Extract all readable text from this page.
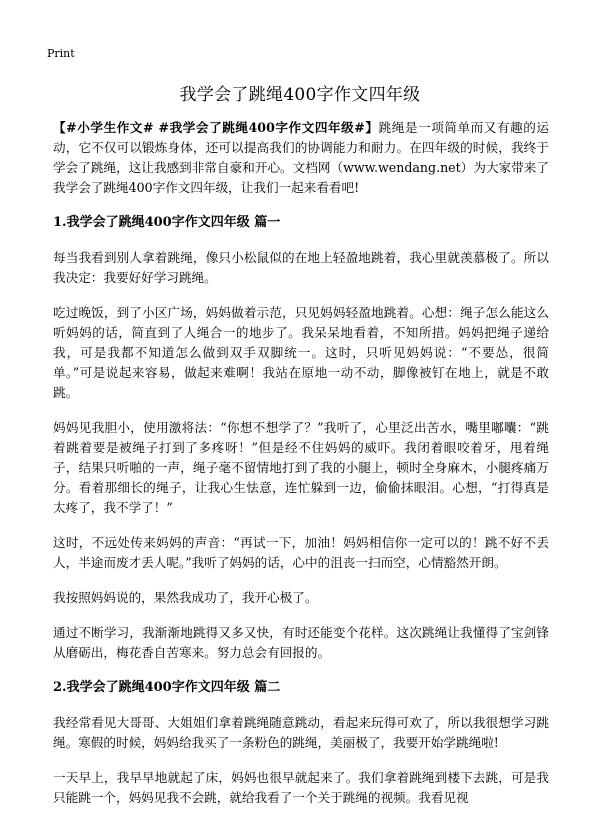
Print
我学会了跳绳400字作文四年级

【#小学生作文# #我学会了跳绳400字作文四年级#】跳绳是一项简单而又有趣的运动，它不仅可以锻炼身体，还可以提高我们的协调能力和耐力。在四年级的时候，我终于学会了跳绳，这让我感到非常自豪和开心。文档网（www.wendang.net）为大家带来了我学会了跳绳400字作文四年级，让我们一起来看看吧!

1.我学会了跳绳400字作文四年级 篇一

每当我看到别人拿着跳绳，像只小松鼠似的在地上轻盈地跳着，我心里就羡慕极了。所以我决定：我要好好学习跳绳。

吃过晚饭，到了小区广场，妈妈做着示范，只见妈妈轻盈地跳着。心想：绳子怎么能这么听妈妈的话，简直到了人绳合一的地步了。我呆呆地看着，不知所措。妈妈把绳子递给我，可是我都不知道怎么做到双手双脚统一。这时，只听见妈妈说：“不要怂，很简单。”可是说起来容易，做起来难啊！我站在原地一动不动，脚像被钉在地上，就是不敢跳。

妈妈见我胆小，使用激将法：“你想不想学了？”我听了，心里泛出苦水，嘴里嘟囔：“跳着跳着要是被绳子打到了多疼呀！”但是经不住妈妈的威吓。我闭着眼咬着牙，甩着绳子，结果只听啪的一声，绳子毫不留情地打到了我的小腿上，顿时全身麻木，小腿疼痛万分。看着那细长的绳子，让我心生怯意，连忙躲到一边，偷偷抹眼泪。心想，“打得真是太疼了，我不学了！”

这时，不远处传来妈妈的声音：“再试一下，加油！妈妈相信你一定可以的！跳不好不丢人，半途而废才丢人呢。”我听了妈妈的话，心中的沮丧一扫而空，心情豁然开朗。

我按照妈妈说的，果然我成功了，我开心极了。

通过不断学习，我渐渐地跳得又多又快，有时还能变个花样。这次跳绳让我懂得了宝剑锋从磨砺出，梅花香自苦寒来。努力总会有回报的。

2.我学会了跳绳400字作文四年级 篇二

我经常看见大哥哥、大姐姐们拿着跳绳随意跳动，看起来玩得可欢了，所以我很想学习跳绳。寒假的时候，妈妈给我买了一条粉色的跳绳，美丽极了，我要开始学跳绳啦!

一天早上，我早早地就起了床，妈妈也很早就起来了。我们拿着跳绳到楼下去跳，可是我只能跳一个，妈妈见我不会跳，就给我看了一个关于跳绳的视频。我看见视
